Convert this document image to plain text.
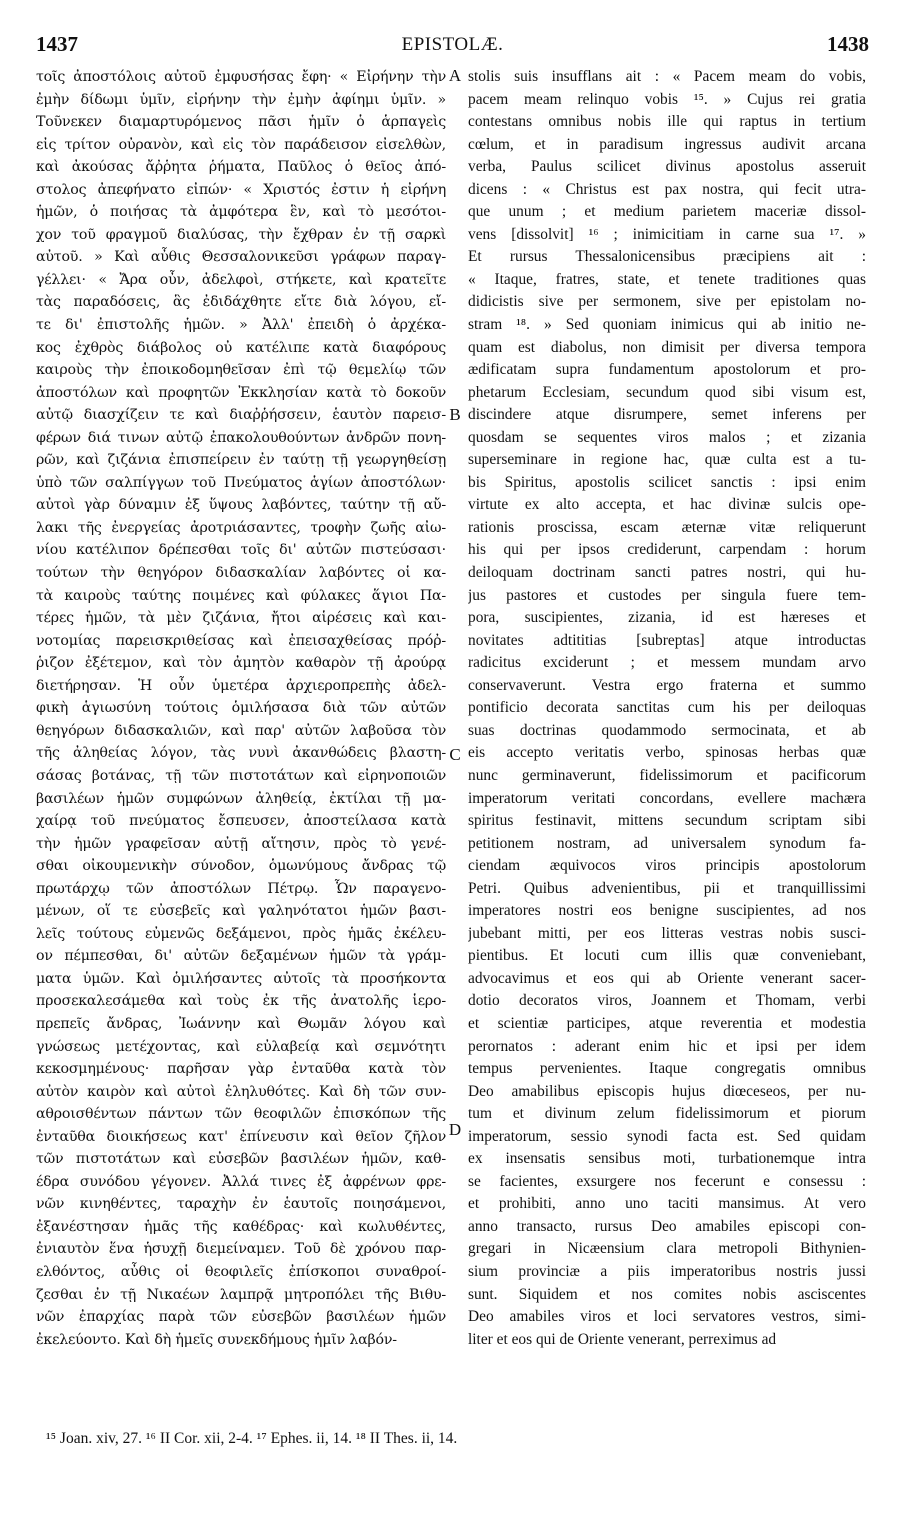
1437	EPISTOLÆ.	1438
τοῖς ἀποστόλοις αὐτοῦ ἐμφυσήσας ἔφη· « Εἰρήνην τὴν
ἐμὴν δίδωμι ὑμῖν, εἰρήνην τὴν ἐμὴν ἀφίημι ὑμῖν. »
Τοῦνεκεν διαμαρτυρόμενος πᾶσι ἡμῖν ὁ ἁρπαγεὶς
εἰς τρίτον οὐρανὸν, καὶ εἰς τὸν παράδεισον εἰσελθὼν,
καὶ ἀκούσας ἄῤῥητα ῥήματα, Παῦλος ὁ θεῖος ἀπό-
στολος ἀπεφήνατο εἰπών· « Χριστός ἐστιν ἡ εἰρήνη
ἡμῶν, ὁ ποιήσας τὰ ἀμφότερα ἓν, καὶ τὸ μεσότοι-
χον τοῦ φραγμοῦ διαλύσας, τὴν ἔχθραν ἐν τῇ σαρκὶ
αὐτοῦ. » Καὶ αὖθις Θεσσαλονικεῦσι γράφων παραγ-
γέλλει· « Ἄρα οὖν, ἀδελφοὶ, στήκετε, καὶ κρατεῖτε
τὰς παραδόσεις, ἃς ἐδιδάχθητε εἴτε διὰ λόγου, εἴ-
τε δι' ἐπιστολῆς ἡμῶν. » Ἀλλ' ἐπειδὴ ὁ ἀρχέκα-
κος ἐχθρὸς διάβολος οὐ κατέλιπε κατὰ διαφόρους
καιροὺς τὴν ἐποικοδομηθεῖσαν ἐπὶ τῷ θεμελίῳ τῶν
ἀποστόλων καὶ προφητῶν Ἐκκλησίαν κατὰ τὸ δοκοῦν
αὐτῷ διασχίζειν τε καὶ διαῤῥήσσειν, ἑαυτὸν παρεισ-
φέρων διά τινων αὐτῷ ἐπακολουθούντων ἀνδρῶν πονη-
ρῶν, καὶ ζιζάνια ἐπισπείρειν ἐν ταύτῃ τῇ γεωργηθείσῃ
ὑπὸ τῶν σαλπίγγων τοῦ Πνεύματος ἁγίων ἀποστόλων·
αὐτοὶ γὰρ δύναμιν ἐξ ὕψους λαβόντες, ταύτην τῇ αὔ-
λακι τῆς ἐνεργείας ἀροτριάσαντες, τροφὴν ζωῆς αἰω-
νίου κατέλιπον δρέπεσθαι τοῖς δι' αὐτῶν πιστεύσασι·
τούτων τὴν θεηγόρον διδασκαλίαν λαβόντες οἱ κα-
τὰ καιροὺς ταύτης ποιμένες καὶ φύλακες ἅγιοι Πα-
τέρες ἡμῶν, τὰ μὲν ζιζάνια, ἤτοι αἱρέσεις καὶ και-
νοτομίας παρεισκριθείσας καὶ ἐπεισαχθείσας πρόῤ-
ῥιζον ἐξέτεμον, καὶ τὸν ἀμητὸν καθαρὸν τῇ ἀρούρᾳ
διετήρησαν. Ἡ οὖν ὑμετέρα ἀρχιεροπρεπὴς ἀδελ-
φικὴ ἁγιωσύνη τούτοις ὁμιλήσασα διὰ τῶν αὐτῶν
θεηγόρων διδασκαλιῶν, καὶ παρ' αὐτῶν λαβοῦσα τὸν
τῆς ἀληθείας λόγον, τὰς νυνὶ ἀκανθώδεις βλαστη-
σάσας βοτάνας, τῇ τῶν πιστοτάτων καὶ εἰρηνοποιῶν
βασιλέων ἡμῶν συμφώνων ἀληθείᾳ, ἐκτίλαι τῇ μα-
χαίρᾳ τοῦ πνεύματος ἔσπευσεν, ἀποστείλασα κατὰ
τὴν ἡμῶν γραφεῖσαν αὐτῇ αἴτησιν, πρὸς τὸ γενέ-
σθαι οἰκουμενικὴν σύνοδον, ὁμωνύμους ἄνδρας τῷ
πρωτάρχῳ τῶν ἀποστόλων Πέτρῳ. Ὧν παραγενο-
μένων, οἵ τε εὐσεβεῖς καὶ γαληνότατοι ἡμῶν βασι-
λεῖς τούτους εὐμενῶς δεξάμενοι, πρὸς ἡμᾶς ἐκέλευ-
ον πέμπεσθαι, δι' αὐτῶν δεξαμένων ἡμῶν τὰ γράμ-
ματα ὑμῶν. Καὶ ὁμιλήσαντες αὐτοῖς τὰ προσήκοντα
προσεκαλεσάμεθα καὶ τοὺς ἐκ τῆς ἀνατολῆς ἱερο-
πρεπεῖς ἄνδρας, Ἰωάννην καὶ Θωμᾶν λόγου καὶ
γνώσεως μετέχοντας, καὶ εὐλαβείᾳ καὶ σεμνότητι
κεκοσμημένους· παρῆσαν γὰρ ἐνταῦθα κατὰ τὸν
αὐτὸν καιρὸν καὶ αὐτοὶ ἐληλυθότες. Καὶ δὴ τῶν συν-
αθροισθέντων πάντων τῶν θεοφιλῶν ἐπισκόπων τῆς
ἐνταῦθα διοικήσεως κατ' ἐπίνευσιν καὶ θεῖον ζῆλον
τῶν πιστοτάτων καὶ εὐσεβῶν βασιλέων ἡμῶν, καθ-
έδρα συνόδου γέγονεν. Ἀλλά τινες ἐξ ἀφρένων φρε-
νῶν κινηθέντες, ταραχὴν ἐν ἑαυτοῖς ποιησάμενοι,
ἐξανέστησαν ἡμᾶς τῆς καθέδρας· καὶ κωλυθέντες,
ἐνιαυτὸν ἕνα ἡσυχῇ διεμείναμεν. Τοῦ δὲ χρόνου παρ-
ελθόντος, αὖθις οἱ θεοφιλεῖς ἐπίσκοποι συναθροί-
ζεσθαι ἐν τῇ Νικαέων λαμπρᾷ μητροπόλει τῆς Βιθυ-
νῶν ἐπαρχίας παρὰ τῶν εὐσεβῶν βασιλέων ἡμῶν
ἐκελεύοντο. Καὶ δὴ ἡμεῖς συνεκδήμους ἡμῖν λαβόν-
stolis suis insufflans ait : « Pacem meam do vobis,
pacem meam relinquo vobis ¹⁵. » Cujus rei gratia
contestans omnibus nobis ille qui raptus in tertium
cœlum, et in paradisum ingressus audivit arcana
verba, Paulus scilicet divinus apostolus asseruit
dicens : « Christus est pax nostra, qui fecit utra-
que unum ; et medium parietem maceriæ dissol-
vens [dissolvit] ¹⁶ ; inimicitiam in carne sua ¹⁷. »
Et rursus Thessalonicensibus præcipiens ait :
« Itaque, fratres, state, et tenete traditiones quas
didicistis sive per sermonem, sive per epistolam no-
stram ¹⁸. » Sed quoniam inimicus qui ab initio ne-
quam est diabolus, non dimisit per diversa tempora
ædificatam supra fundamentum apostolorum et pro-
phetarum Ecclesiam, secundum quod sibi visum est,
discindere atque disrumpere, semet inferens per
quosdam se sequentes viros malos ; et zizania
superseminare in regione hac, quæ culta est a tu-
bis Spiritus, apostolis scilicet sanctis : ipsi enim
virtute ex alto accepta, et hac divinæ sulcis ope-
rationis proscissa, escam æternæ vitæ reliquerunt
his qui per ipsos crediderunt, carpendam : horum
deiloquam doctrinam sancti patres nostri, qui hu-
jus pastores et custodes per singula fuere tem-
pora, suscipientes, zizania, id est hæreses et
novitates adtititias [subreptas] atque introductas
radicitus exciderunt ; et messem mundam arvo
conservaverunt. Vestra ergo fraterna et summo
pontificio decorata sanctitas cum his per deiloquas
suas doctrinas quodammodo sermocinata, et ab
eis accepto veritatis verbo, spinosas herbas quæ
nunc germinaverunt, fidelissimorum et pacificorum
imperatorum veritati concordans, evellere machæra
spiritus festinavit, mittens secundum scriptam sibi
petitionem nostram, ad universalem synodum fa-
ciendam æquivocos viros principis apostolorum
Petri. Quibus advenientibus, pii et tranquillissimi
imperatores nostri eos benigne suscipientes, ad nos
jubebant mitti, per eos litteras vestras nobis susci-
pientibus. Et locuti cum illis quæ conveniebant,
advocavimus et eos qui ab Oriente venerant sacer-
dotio decoratos viros, Joannem et Thomam, verbi
et scientiæ participes, atque reverentia et modestia
perornatos : aderant enim hic et ipsi per idem
tempus pervenientes. Itaque congregatis omnibus
Deo amabilibus episcopis hujus diœceseos, per nu-
tum et divinum zelum fidelissimorum et piorum
imperatorum, sessio synodi facta est. Sed quidam
ex insensatis sensibus moti, turbationemque intra
se facientes, exsurgere nos fecerunt e consessu :
et prohibiti, anno uno taciti mansimus. At vero
anno transacto, rursus Deo amabiles episcopi con-
gregari in Nicæensium clara metropoli Bithynien-
sium provinciæ a piis imperatoribus nostris jussi
sunt. Siquidem et nos comites nobis asciscentes
Deo amabiles viros et loci servatores vestros, simi-
liter et eos qui de Oriente venerant, perreximus ad
A
B
C
D
¹⁵ Joan. xiv, 27. ¹⁶ II Cor. xii, 2-4. ¹⁷ Ephes. ii, 14. ¹⁸ II Thes. ii, 14.
